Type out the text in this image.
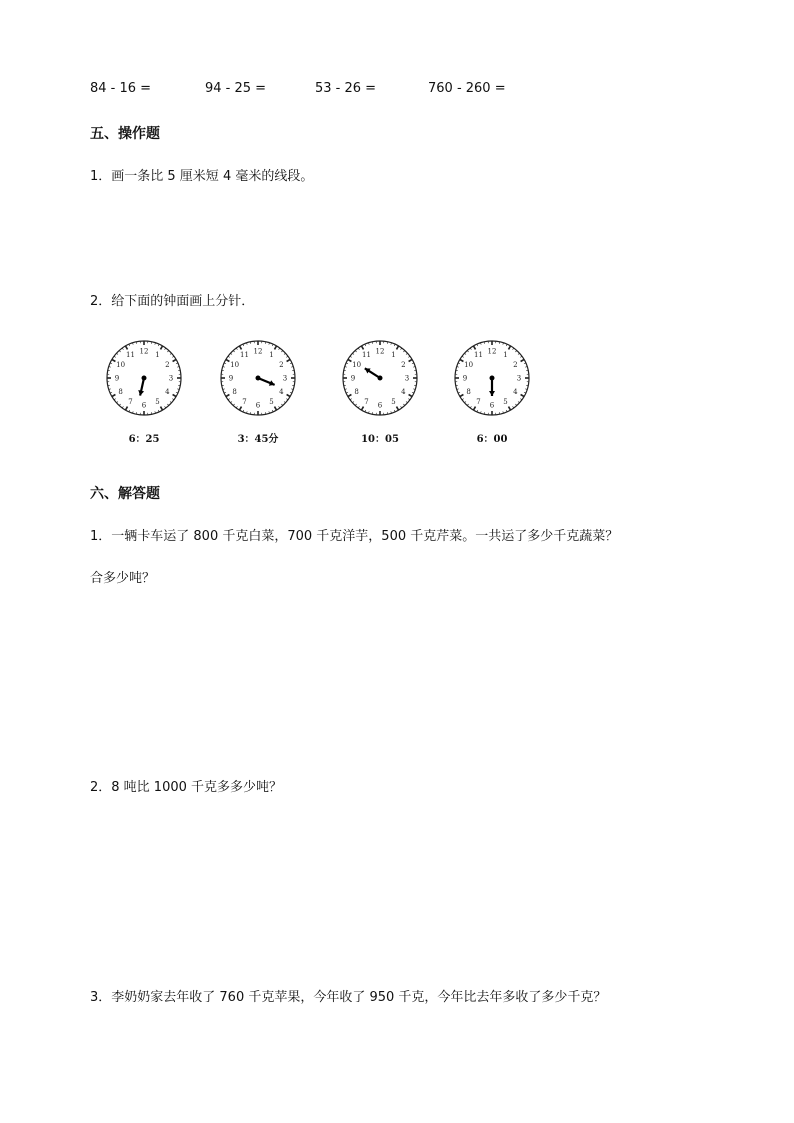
84 - 16 =	94 - 25 =	53 - 26 =	760 - 260 =
五、操作题
1．画一条比 5 厘米短 4 毫米的线段。
2．给下面的钟面画上分针．
1
2
3
4
5
6
7
8
9
10
11 12	1
2
3
4
5
6
7
8
9
10
11 12	1
2
3
4
5
6
7
8
9
10
11 12	1
2
3
4
5
6
7
8
9
10
11 12
6：25	3：45分	10：05	6：00
六、解答题
1．一辆卡车运了 800 千克白菜，700 千克洋芋，500 千克芹菜。一共运了多少千克蔬菜？
合多少吨？
2．8 吨比 1000 千克多多少吨？
3．李奶奶家去年收了 760 千克苹果，今年收了 950 千克，今年比去年多收了多少千克？
